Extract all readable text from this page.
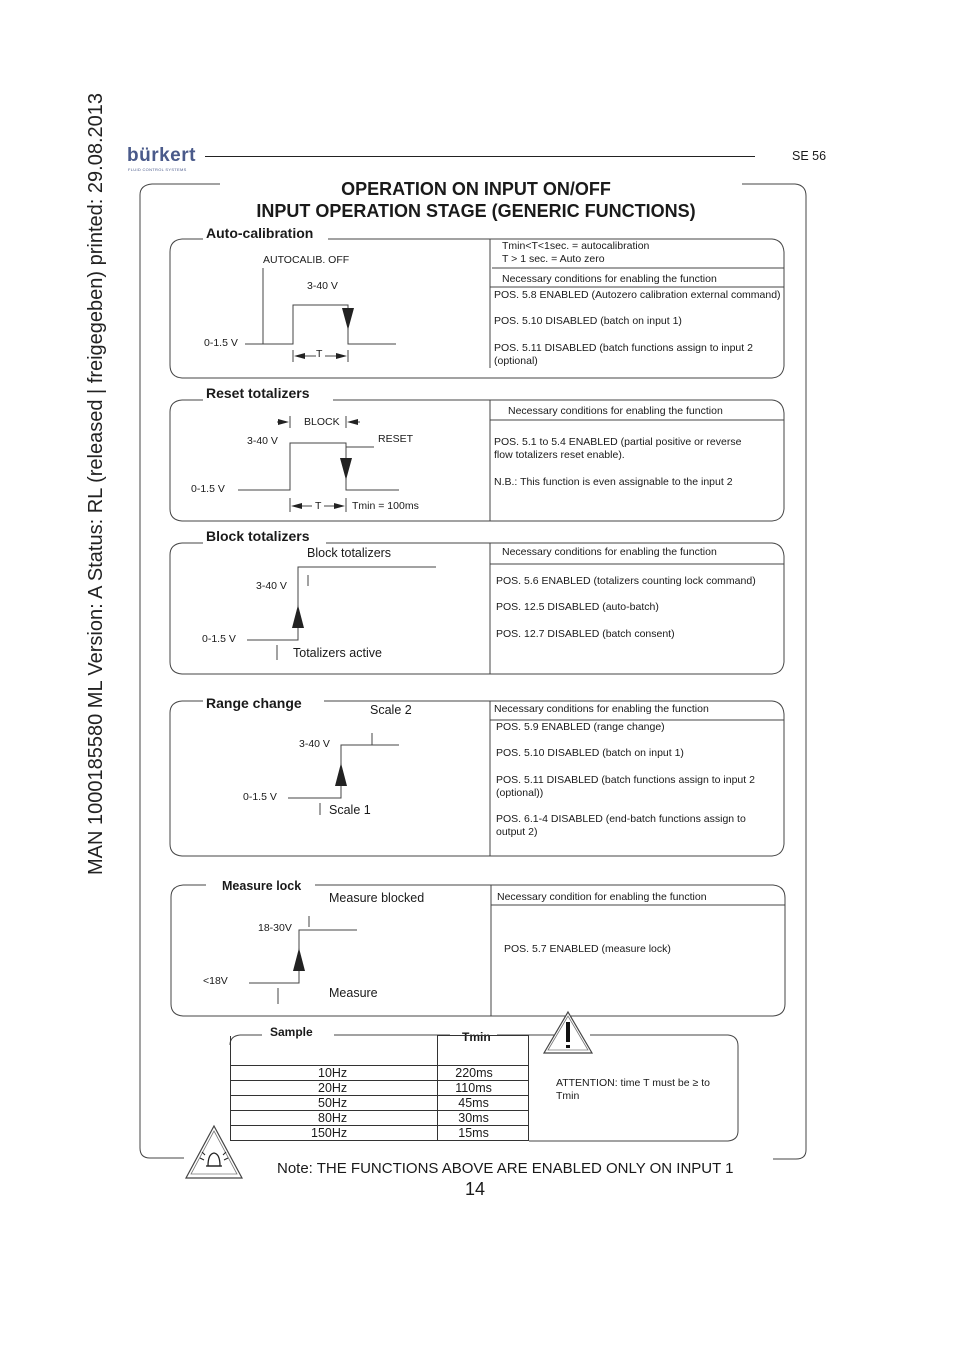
MAN 1000185580 ML Version: A Status: RL (released | freigegeben) printed: 29.08.2013 bürkert
FLUID CONTROL SYSTEMS
SE 56
OPERATION ON INPUT ON/OFF
INPUT OPERATION STAGE (GENERIC FUNCTIONS)
Auto-calibration
AUTOCALIB. OFF
3-40 V
0-1.5 V
T
Tmin<T<1sec. = autocalibration
T > 1 sec. = Auto zero
Necessary conditions for enabling the function
POS. 5.8 ENABLED (Autozero calibration external command)
POS. 5.10 DISABLED (batch on input 1)
POS. 5.11 DISABLED (batch functions assign to input 2 (optional)
Reset totalizers
BLOCK
RESET
3-40 V
0-1.5 V
T	Tmin = 100ms
Necessary conditions for enabling the function
POS. 5.1 to 5.4 ENABLED (partial positive or reverse flow totalizers reset enable).
N.B.: This function is even assignable to the input 2
Block totalizers
Block totalizers
3-40 V
0-1.5 V
Totalizers active
Necessary conditions for enabling the function
POS. 5.6 ENABLED (totalizers counting lock command)
POS. 12.5 DISABLED (auto-batch)
POS. 12.7 DISABLED (batch consent)
Range change	Scale 2
3-40 V
0-1.5 V
Scale 1
Necessary conditions for enabling the function
POS. 5.9 ENABLED (range change)
POS. 5.10 DISABLED (batch on input 1)
POS. 5.11 DISABLED (batch functions assign to input 2 (optional))
POS. 6.1-4 DISABLED (end-batch functions assign to output 2)
Measure lock
Measure blocked
18-30V
<18V
Measure
Necessary condition for enabling the function
POS. 5.7 ENABLED (measure lock)
Sample	Tmin

10Hz	220ms
20Hz	110ms
50Hz	45ms
80Hz	30ms
150Hz	15ms
ATTENTION: time T must be ≥ to Tmin
Note: THE FUNCTIONS ABOVE ARE ENABLED ONLY ON INPUT 1
14
